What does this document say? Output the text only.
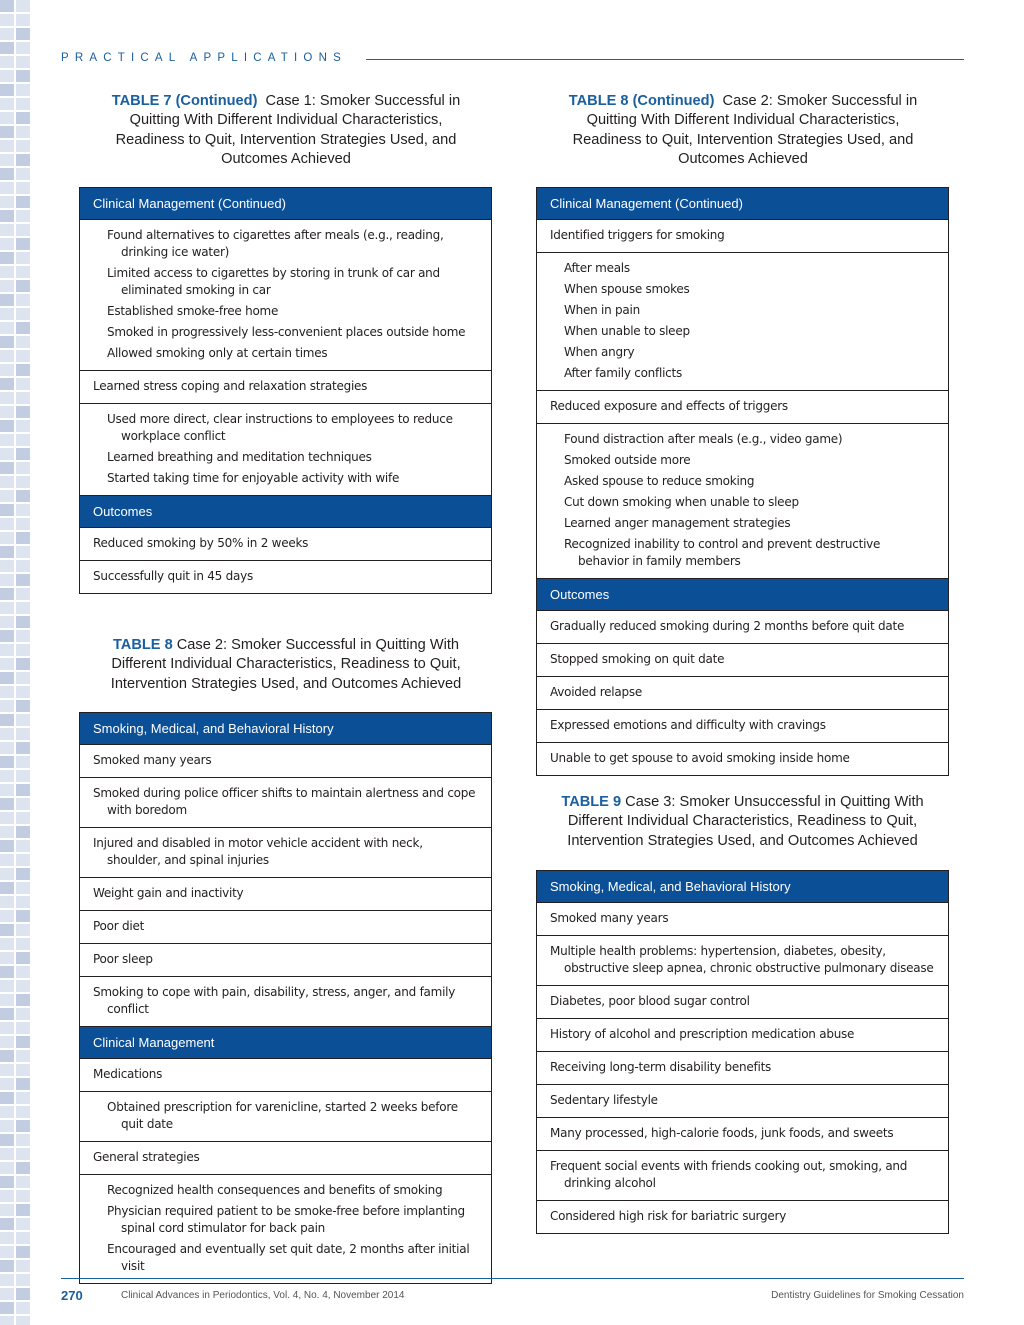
PRACTICAL APPLICATIONS
TABLE 7 (Continued) Case 1: Smoker Successful in Quitting With Different Individual Characteristics, Readiness to Quit, Intervention Strategies Used, and Outcomes Achieved
Clinical Management (Continued)
Found alternatives to cigarettes after meals (e.g., reading, drinking ice water)
Limited access to cigarettes by storing in trunk of car and eliminated smoking in car
Established smoke-free home
Smoked in progressively less-convenient places outside home
Allowed smoking only at certain times
Learned stress coping and relaxation strategies
Used more direct, clear instructions to employees to reduce workplace conflict
Learned breathing and meditation techniques
Started taking time for enjoyable activity with wife
Outcomes
Reduced smoking by 50% in 2 weeks
Successfully quit in 45 days
TABLE 8 Case 2: Smoker Successful in Quitting With Different Individual Characteristics, Readiness to Quit, Intervention Strategies Used, and Outcomes Achieved
Smoking, Medical, and Behavioral History
Smoked many years
Smoked during police officer shifts to maintain alertness and cope with boredom
Injured and disabled in motor vehicle accident with neck, shoulder, and spinal injuries
Weight gain and inactivity
Poor diet
Poor sleep
Smoking to cope with pain, disability, stress, anger, and family conflict
Clinical Management
Medications
Obtained prescription for varenicline, started 2 weeks before quit date
General strategies
Recognized health consequences and benefits of smoking
Physician required patient to be smoke-free before implanting spinal cord stimulator for back pain
Encouraged and eventually set quit date, 2 months after initial visit
TABLE 8 (Continued) Case 2: Smoker Successful in Quitting With Different Individual Characteristics, Readiness to Quit, Intervention Strategies Used, and Outcomes Achieved
Clinical Management (Continued)
Identified triggers for smoking
After meals
When spouse smokes
When in pain
When unable to sleep
When angry
After family conflicts
Reduced exposure and effects of triggers
Found distraction after meals (e.g., video game)
Smoked outside more
Asked spouse to reduce smoking
Cut down smoking when unable to sleep
Learned anger management strategies
Recognized inability to control and prevent destructive behavior in family members
Outcomes
Gradually reduced smoking during 2 months before quit date
Stopped smoking on quit date
Avoided relapse
Expressed emotions and difficulty with cravings
Unable to get spouse to avoid smoking inside home
TABLE 9 Case 3: Smoker Unsuccessful in Quitting With Different Individual Characteristics, Readiness to Quit, Intervention Strategies Used, and Outcomes Achieved
Smoking, Medical, and Behavioral History
Smoked many years
Multiple health problems: hypertension, diabetes, obesity, obstructive sleep apnea, chronic obstructive pulmonary disease
Diabetes, poor blood sugar control
History of alcohol and prescription medication abuse
Receiving long-term disability benefits
Sedentary lifestyle
Many processed, high-calorie foods, junk foods, and sweets
Frequent social events with friends cooking out, smoking, and drinking alcohol
Considered high risk for bariatric surgery
270	Clinical Advances in Periodontics, Vol. 4, No. 4, November 2014	Dentistry Guidelines for Smoking Cessation
